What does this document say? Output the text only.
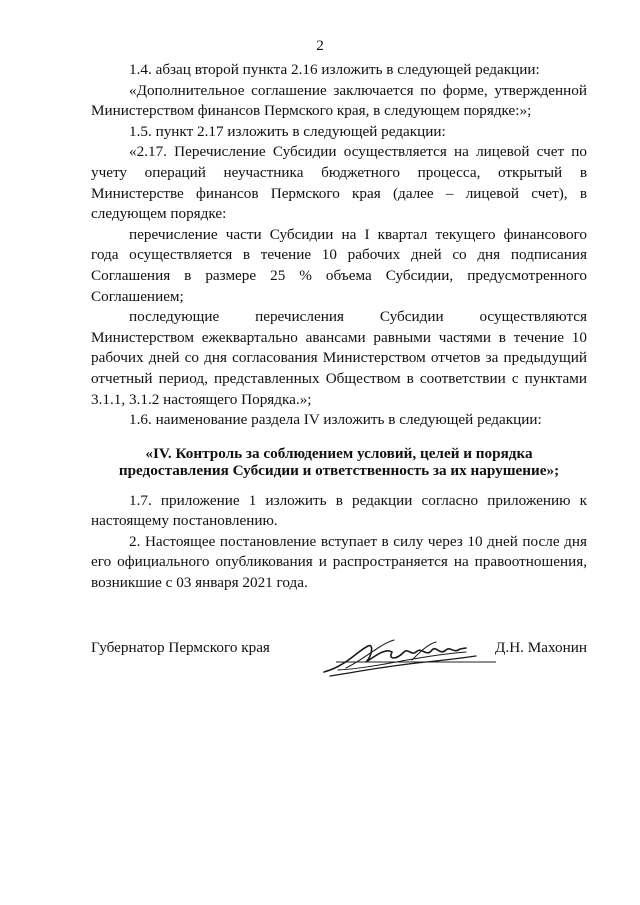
2

1.4. абзац второй пункта 2.16 изложить в следующей редакции:

«Дополнительное соглашение заключается по форме, утвержденной Министерством финансов Пермского края, в следующем порядке:»;

1.5. пункт 2.17 изложить в следующей редакции:

«2.17. Перечисление Субсидии осуществляется на лицевой счет по учету операций неучастника бюджетного процесса, открытый в Министерстве финансов Пермского края (далее – лицевой счет), в следующем порядке:

перечисление части Субсидии на I квартал текущего финансового года осуществляется в течение 10 рабочих дней со дня подписания Соглашения в размере 25 % объема Субсидии, предусмотренного Соглашением;

последующие перечисления Субсидии осуществляются Министерством ежеквартально авансами равными частями в течение 10 рабочих дней со дня согласования Министерством отчетов за предыдущий отчетный период, представленных Обществом в соответствии с пунктами 3.1.1, 3.1.2 настоящего Порядка.»;

1.6. наименование раздела IV изложить в следующей редакции:

«IV. Контроль за соблюдением условий, целей и порядка предоставления Субсидии и ответственность за их нарушение»;

1.7. приложение 1 изложить в редакции согласно приложению к настоящему постановлению.

2. Настоящее постановление вступает в силу через 10 дней после дня его официального опубликования и распространяется на правоотношения, возникшие с 03 января 2021 года.

Губернатор Пермского края	Д.Н. Махонин
